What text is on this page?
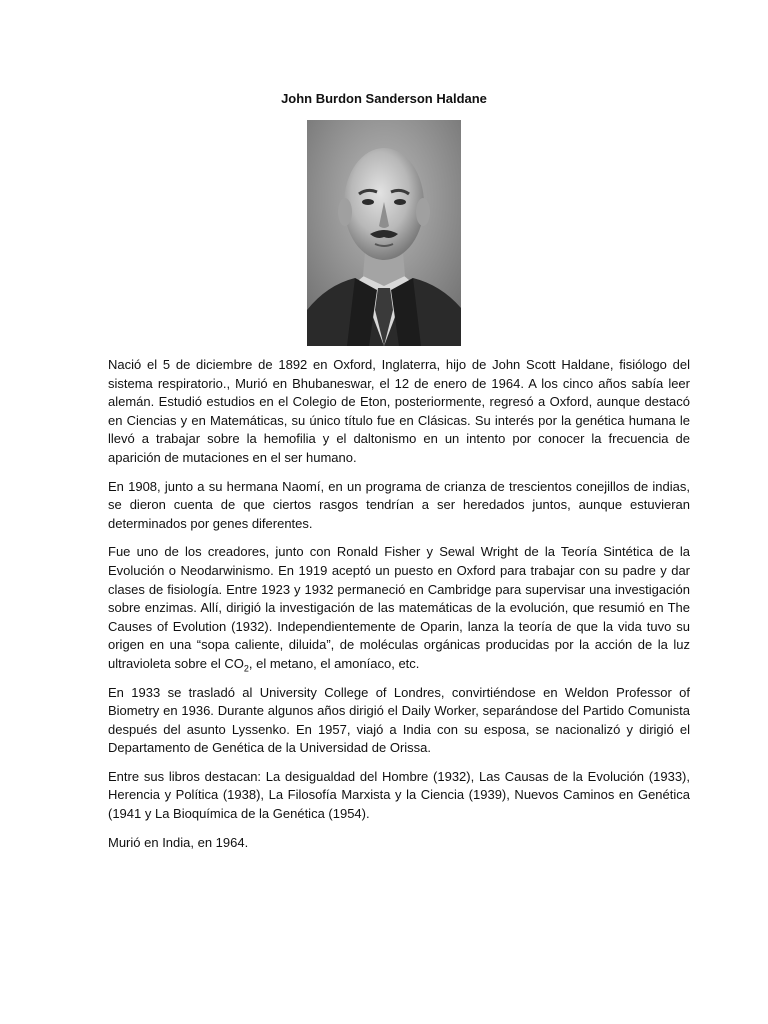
John Burdon Sanderson Haldane

Nació el 5 de diciembre de 1892 en Oxford, Inglaterra, hijo de John Scott Haldane, fisiólogo del sistema respiratorio., Murió en Bhubaneswar, el 12 de enero de 1964. A los cinco años sabía leer alemán. Estudió estudios en el Colegio de Eton, posteriormente, regresó a Oxford, aunque destacó en Ciencias y en Matemáticas, su único título fue en Clásicas. Su interés por la genética humana le llevó a trabajar sobre la hemofilia y el daltonismo en un intento por conocer la frecuencia de aparición de mutaciones en el ser humano.

En 1908, junto a su hermana Naomí, en un programa de crianza de trescientos conejillos de indias, se dieron cuenta de que ciertos rasgos tendrían a ser heredados juntos, aunque estuvieran determinados por genes diferentes.

Fue uno de los creadores, junto con Ronald Fisher y Sewal Wright de la Teoría Sintética de la Evolución o Neodarwinismo. En 1919 aceptó un puesto en Oxford para trabajar con su padre y dar clases de fisiología. Entre 1923 y 1932 permaneció en Cambridge para supervisar una investigación sobre enzimas. Allí, dirigió la investigación de las matemáticas de la evolución, que resumió en The Causes of Evolution (1932). Independientemente de Oparin, lanza la teoría de que la vida tuvo su origen en una “sopa caliente, diluida”, de moléculas orgánicas producidas por la acción de la luz ultravioleta sobre el $CO_2$, el metano, el amoníaco, etc.

En 1933 se trasladó al University College of Londres, convirtiéndose en Weldon Professor of Biometry en 1936. Durante algunos años dirigió el Daily Worker, separándose del Partido Comunista después del asunto Lyssenko. En 1957, viajó a India con su esposa, se nacionalizó y dirigió el Departamento de Genética de la Universidad de Orissa.

Entre sus libros destacan: La desigualdad del Hombre (1932), Las Causas de la Evolución (1933), Herencia y Política (1938), La Filosofía Marxista y la Ciencia (1939), Nuevos Caminos en Genética (1941 y La Bioquímica de la Genética (1954).

Murió en India, en 1964.
